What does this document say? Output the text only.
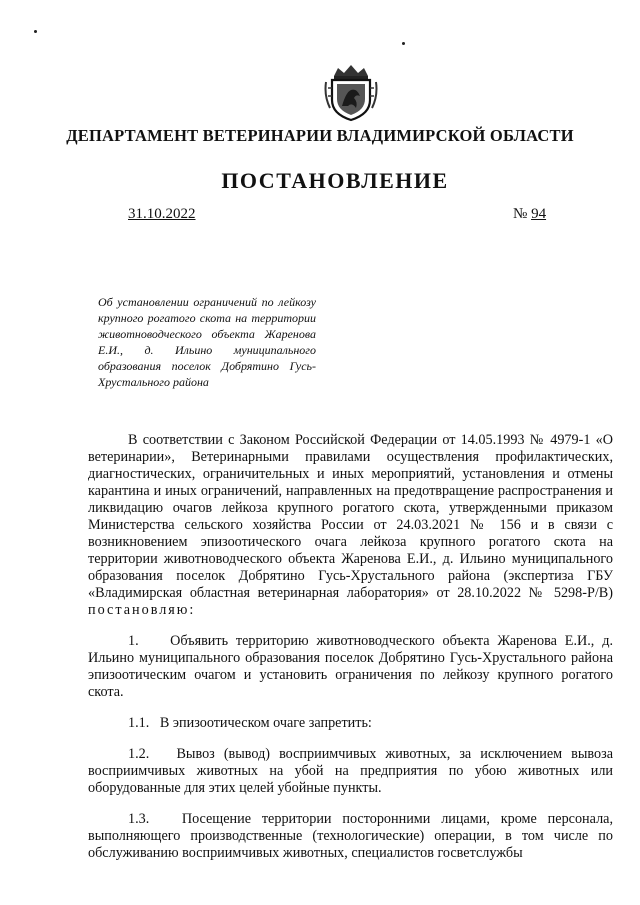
ДЕПАРТАМЕНТ ВЕТЕРИНАРИИ ВЛАДИМИРСКОЙ ОБЛАСТИ
ПОСТАНОВЛЕНИЕ
31.10.2022	№ 94
Об установлении ограничений по лейкозу крупного рогатого скота на территории животноводческого объекта Жаренова Е.И., д. Ильино муниципального образования поселок Добрятино Гусь-Хрустального района

В соответствии с Законом Российской Федерации от 14.05.1993 № 4979-1 «О ветеринарии», Ветеринарными правилами осуществления профилактических, диагностических, ограничительных и иных мероприятий, установления и отмены карантина и иных ограничений, направленных на предотвращение распространения и ликвидацию очагов лейкоза крупного рогатого скота, утвержденными приказом Министерства сельского хозяйства России от 24.03.2021 № 156 и в связи с возникновением эпизоотического очага лейкоза крупного рогатого скота на территории животноводческого объекта Жаренова Е.И., д. Ильино муниципального образования поселок Добрятино Гусь-Хрустального района (экспертиза ГБУ «Владимирская областная ветеринарная лаборатория» от 28.10.2022 № 5298-Р/В) постановляю:

1.    Объявить территорию животноводческого объекта Жаренова Е.И., д. Ильино муниципального образования поселок Добрятино Гусь-Хрустального района эпизоотическим очагом и установить ограничения по лейкозу крупного рогатого скота.

1.1.   В эпизоотическом очаге запретить:

1.2.   Вывоз (вывод) восприимчивых животных, за исключением вывоза восприимчивых животных на убой на предприятия по убою животных или оборудованные для этих целей убойные пункты.

1.3.   Посещение территории посторонними лицами, кроме персонала, выполняющего производственные (технологические) операции, в том числе по обслуживанию восприимчивых животных, специалистов госветслужбы
